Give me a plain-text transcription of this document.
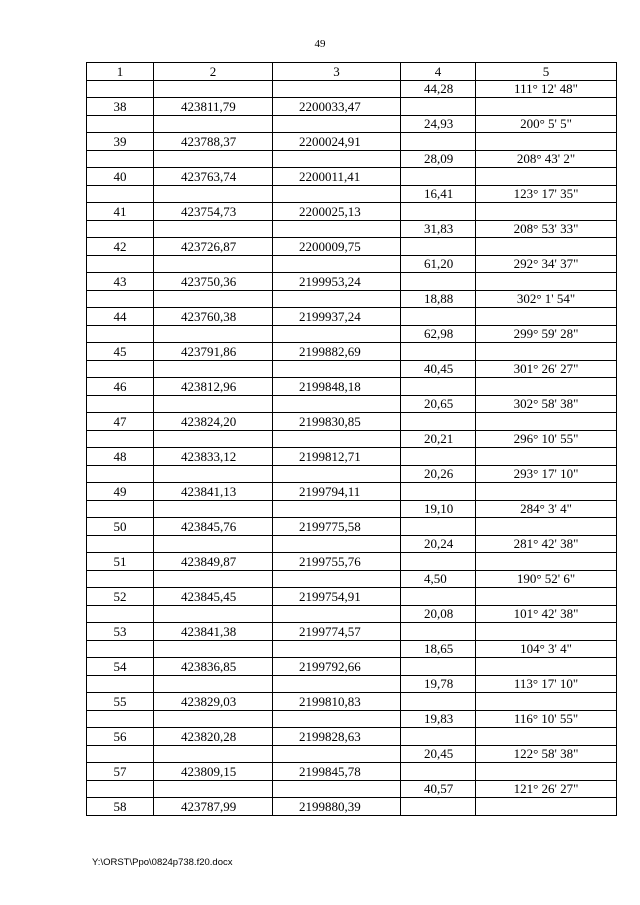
49
1	2	3	4	5
			44,28	111° 12' 48"
38	423811,79	2200033,47		
			24,93	200° 5' 5"
39	423788,37	2200024,91		
			28,09	208° 43' 2"
40	423763,74	2200011,41		
			16,41	123° 17' 35"
41	423754,73	2200025,13		
			31,83	208° 53' 33"
42	423726,87	2200009,75		
			61,20	292° 34' 37"
43	423750,36	2199953,24		
			18,88	302° 1' 54"
44	423760,38	2199937,24		
			62,98	299° 59' 28"
45	423791,86	2199882,69		
			40,45	301° 26' 27"
46	423812,96	2199848,18		
			20,65	302° 58' 38"
47	423824,20	2199830,85		
			20,21	296° 10' 55"
48	423833,12	2199812,71		
			20,26	293° 17' 10"
49	423841,13	2199794,11		
			19,10	284° 3' 4"
50	423845,76	2199775,58		
			20,24	281° 42' 38"
51	423849,87	2199755,76		
			4,50	190° 52' 6"
52	423845,45	2199754,91		
			20,08	101° 42' 38"
53	423841,38	2199774,57		
			18,65	104° 3' 4"
54	423836,85	2199792,66		
			19,78	113° 17' 10"
55	423829,03	2199810,83		
			19,83	116° 10' 55"
56	423820,28	2199828,63		
			20,45	122° 58' 38"
57	423809,15	2199845,78		
			40,57	121° 26' 27"
58	423787,99	2199880,39		
Y:\ORST\Ppo\0824p738.f20.docx
